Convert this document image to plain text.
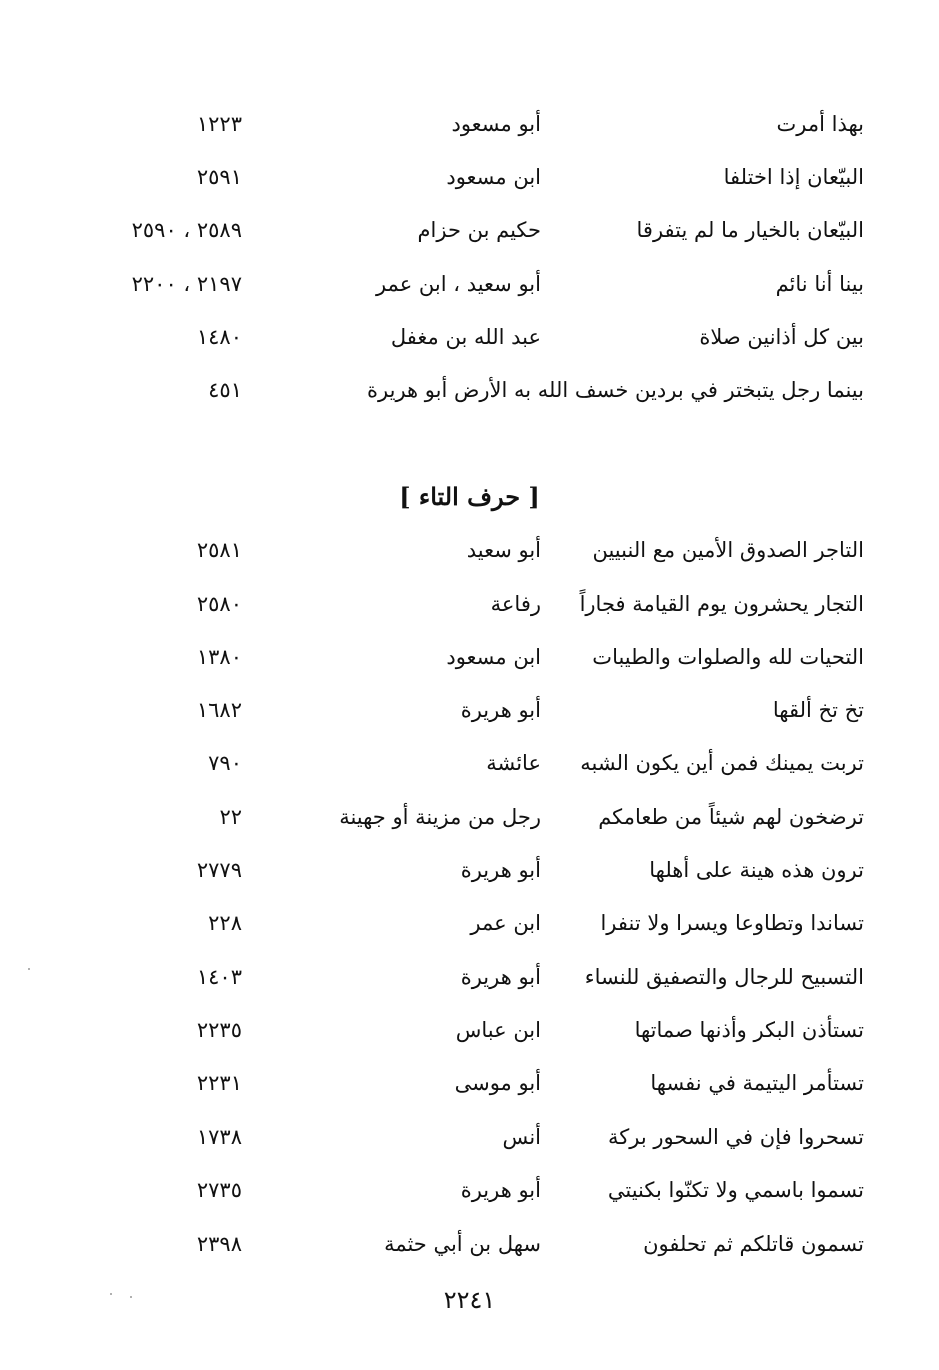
بهذا أمرت
أبو مسعود
١٢٢٣
البيّعان إذا اختلفا
ابن مسعود
٢٥٩١
البيّعان بالخيار ما لم يتفرقا
حكيم بن حزام
٢٥٨٩ ، ٢٥٩٠
بينا أنا نائم
أبو سعيد ، ابن عمر
٢١٩٧ ، ٢٢٠٠
بين كل أذانين صلاة
عبد الله بن مغفل
١٤٨٠
بينما رجل يتبختر في بردين خسف الله به الأرض أبو هريرة
٤٥١
[ حرف التاء ]
التاجر الصدوق الأمين مع النبيين
أبو سعيد
٢٥٨١
التجار يحشرون يوم القيامة فجاراً
رفاعة
٢٥٨٠
التحيات لله والصلوات والطيبات
ابن مسعود
١٣٨٠
تخ تخ ألقها
أبو هريرة
١٦٨٢
تربت يمينك فمن أين يكون الشبه
عائشة
٧٩٠
ترضخون لهم شيئاً من طعامكم
رجل من مزينة أو جهينة
٢٢
ترون هذه هينة على أهلها
أبو هريرة
٢٧٧٩
تساندا وتطاوعا ويسرا ولا تنفرا
ابن عمر
٢٢٨
التسبيح للرجال والتصفيق للنساء
أبو هريرة
١٤٠٣
تستأذن البكر وأذنها صماتها
ابن عباس
٢٢٣٥
تستأمر اليتيمة في نفسها
أبو موسى
٢٢٣١
تسحروا فإن في السحور بركة
أنس
١٧٣٨
تسموا باسمي ولا تكنّوا بكنيتي
أبو هريرة
٢٧٣٥
تسمون قاتلكم ثم تحلفون
سهل بن أبي حثمة
٢٣٩٨
٢٢٤١
